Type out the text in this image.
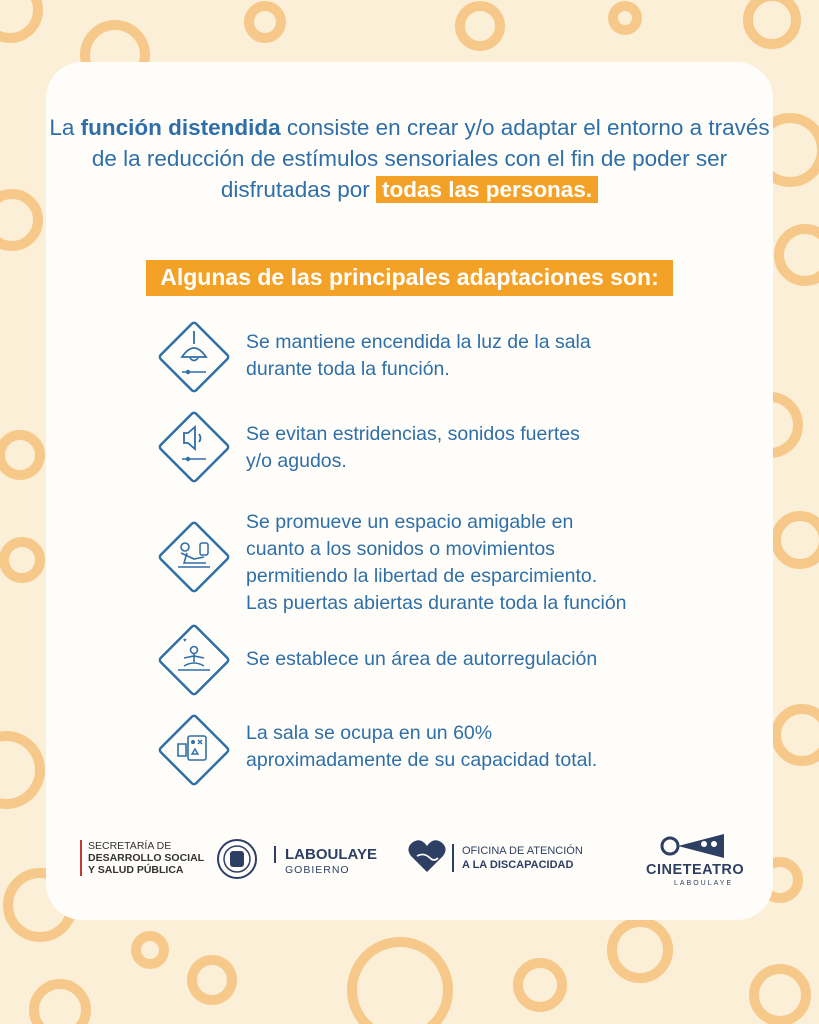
La función distendida consiste en crear y/o adaptar el entorno a través de la reducción de estímulos sensoriales con el fin de poder ser disfrutadas por todas las personas.
Algunas de las principales adaptaciones son:
Se mantiene encendida la luz de la sala
durante toda la función.
Se evitan estridencias, sonidos fuertes
y/o agudos.
Se promueve un espacio amigable en
cuanto a los sonidos o movimientos
permitiendo la libertad de esparcimiento.
Las puertas abiertas durante toda la función
♥
Se establece un área de autorregulación
La sala se ocupa en un 60%
aproximadamente de su capacidad total.
SECRETARÍA DE
DESARROLLO SOCIAL
Y SALUD PÚBLICA
LABOULAYE
GOBIERNO
OFICINA DE ATENCIÓN
A LA DISCAPACIDAD	CINETEATRO
LABOULAYE
